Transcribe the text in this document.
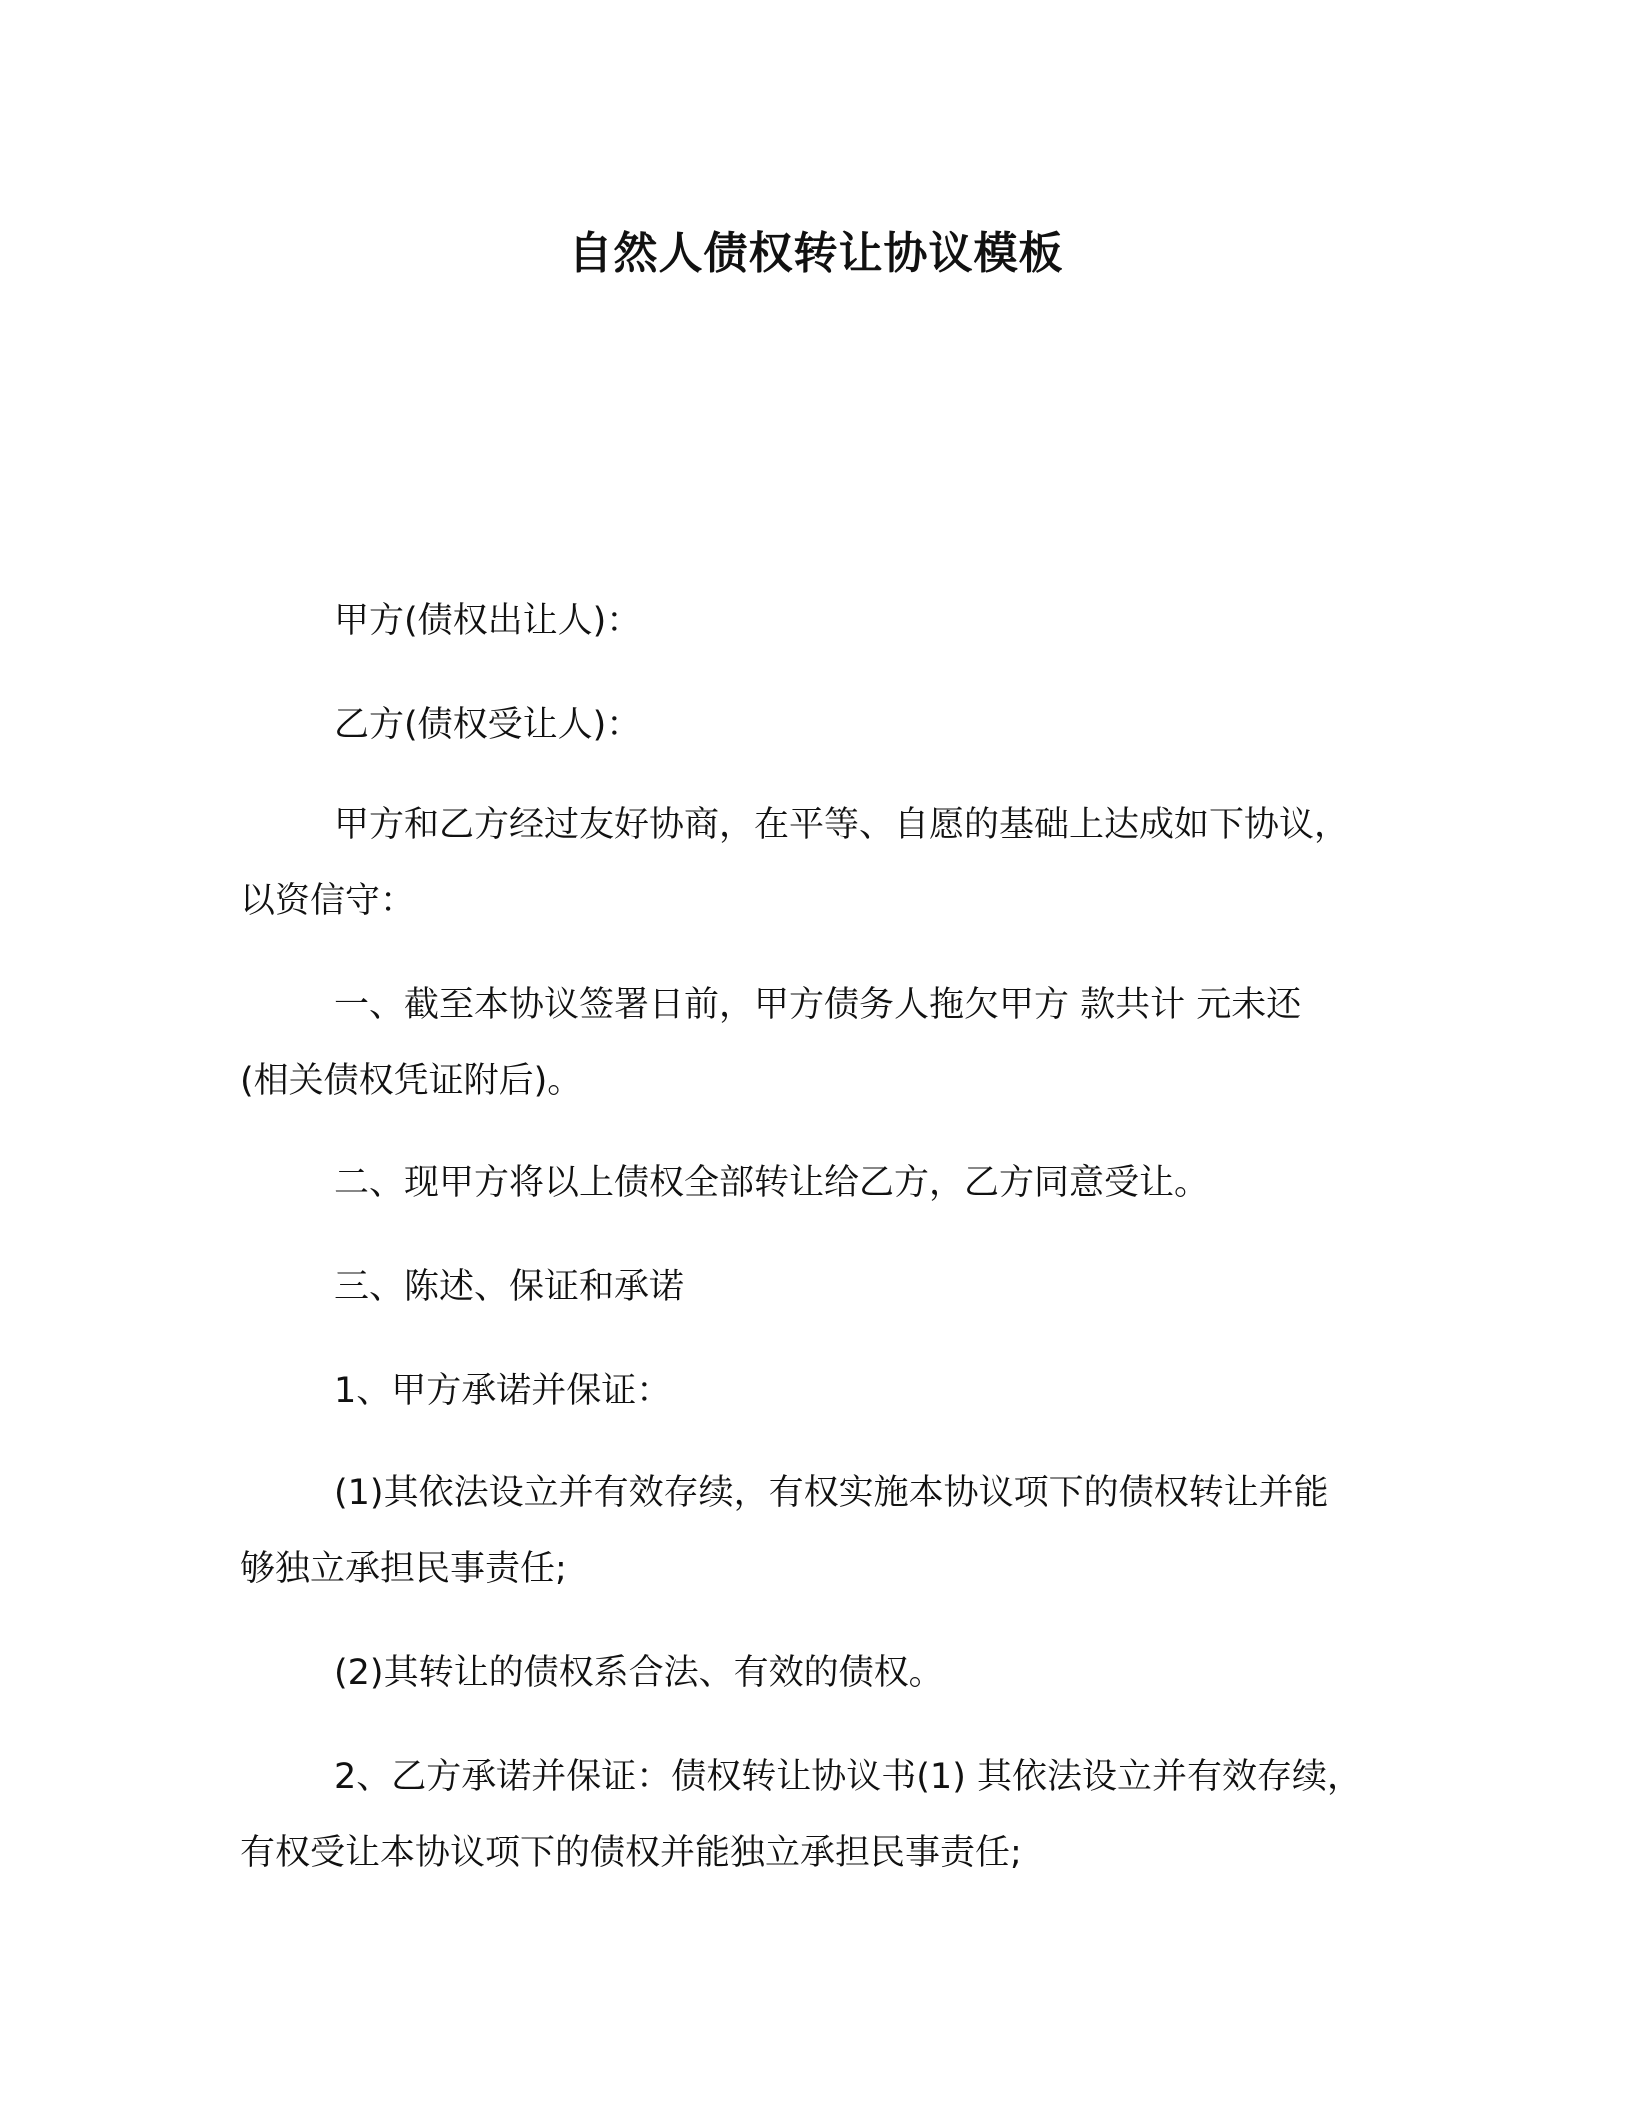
自然人债权转让协议模板

甲方(债权出让人)：

乙方(债权受让人)：

甲方和乙方经过友好协商，在平等、自愿的基础上达成如下协议，

以资信守：

一、截至本协议签署日前，甲方债务人拖欠甲方 款共计 元未还

(相关债权凭证附后)。

二、现甲方将以上债权全部转让给乙方，乙方同意受让。

三、陈述、保证和承诺

1、甲方承诺并保证：

(1)其依法设立并有效存续，有权实施本协议项下的债权转让并能

够独立承担民事责任;

(2)其转让的债权系合法、有效的债权。

2、乙方承诺并保证：债权转让协议书(1) 其依法设立并有效存续，

有权受让本协议项下的债权并能独立承担民事责任;
